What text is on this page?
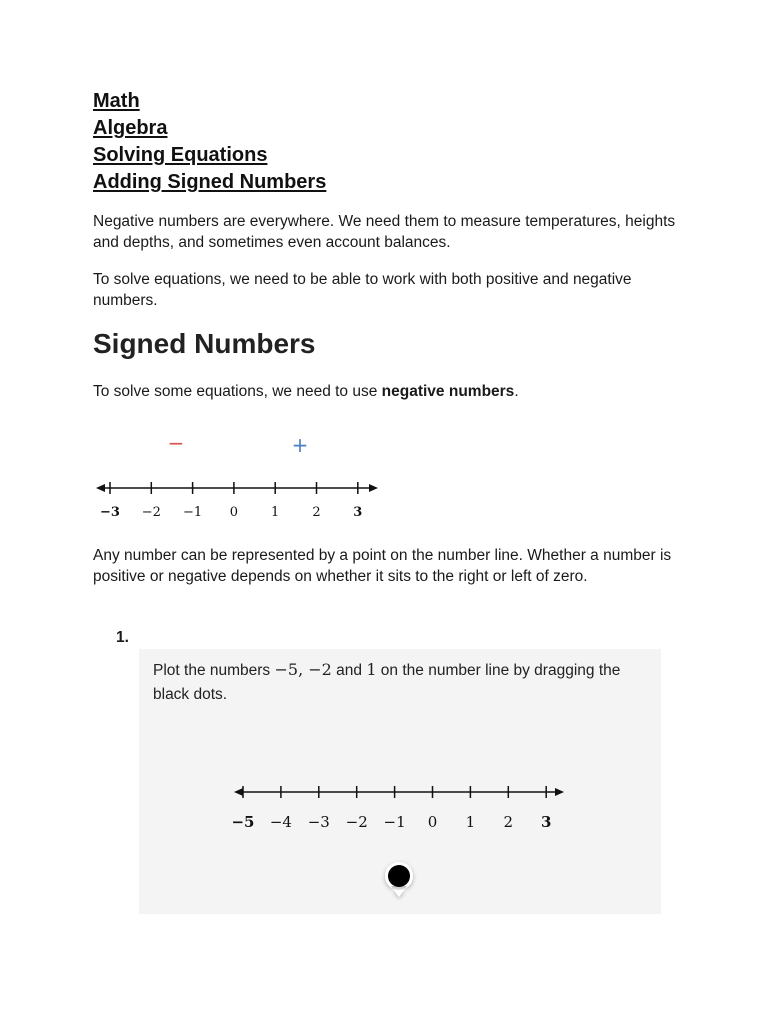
Math
Algebra
Solving Equations
Adding Signed Numbers

Negative numbers are everywhere. We need them to measure temperatures, heights and depths, and sometimes even account balances.

To solve equations, we need to be able to work with both positive and negative numbers.

Signed Numbers

To solve some equations, we need to use negative numbers.

−	+
−3 −2 −1 0	1	2	3

Any number can be represented by a point on the number line. Whether a number is positive or negative depends on whether it sits to the right or left of zero.

1.

Plot the numbers −5, −2 and 1 on the number line by dragging the black dots.

−5 −4 −3 −2 −1 0 1 2 3
